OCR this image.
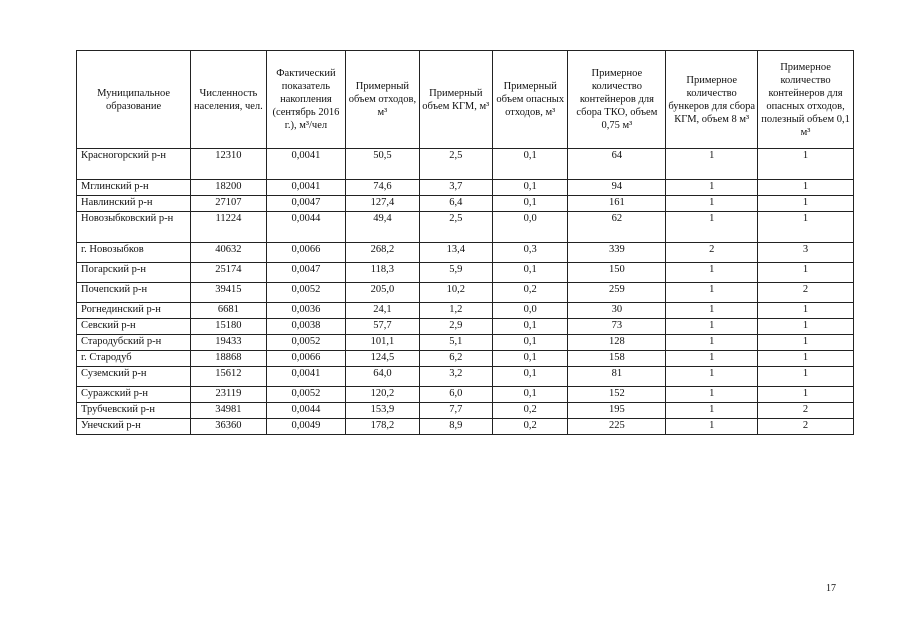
Муниципальное образование	Численность населения, чел.	Фактический показатель накопления (сентябрь 2016 г.), м³/чел	Примерный объем отходов, м³	Примерный объем КГМ, м³	Примерный объем опасных отходов, м³	Примерное количество контейнеров для сбора ТКО, объем 0,75 м³	Примерное количество бункеров для сбора КГМ, объем 8 м³	Примерное количество контейнеров для опасных отходов, полезный объем 0,1 м³
Красногорский р-н	12310	0,0041	50,5	2,5	0,1	64	1	1
Мглинский р-н	18200	0,0041	74,6	3,7	0,1	94	1	1
Навлинский р-н	27107	0,0047	127,4	6,4	0,1	161	1	1
Новозыбковский р-н	11224	0,0044	49,4	2,5	0,0	62	1	1
г. Новозыбков	40632	0,0066	268,2	13,4	0,3	339	2	3
Погарский р-н	25174	0,0047	118,3	5,9	0,1	150	1	1
Почепский р-н	39415	0,0052	205,0	10,2	0,2	259	1	2
Рогнединский р-н	6681	0,0036	24,1	1,2	0,0	30	1	1
Севский р-н	15180	0,0038	57,7	2,9	0,1	73	1	1
Стародубский р-н	19433	0,0052	101,1	5,1	0,1	128	1	1
г. Стародуб	18868	0,0066	124,5	6,2	0,1	158	1	1
Суземский р-н	15612	0,0041	64,0	3,2	0,1	81	1	1
Суражский р-н	23119	0,0052	120,2	6,0	0,1	152	1	1
Трубчевский р-н	34981	0,0044	153,9	7,7	0,2	195	1	2
Унечский р-н	36360	0,0049	178,2	8,9	0,2	225	1	2
17
